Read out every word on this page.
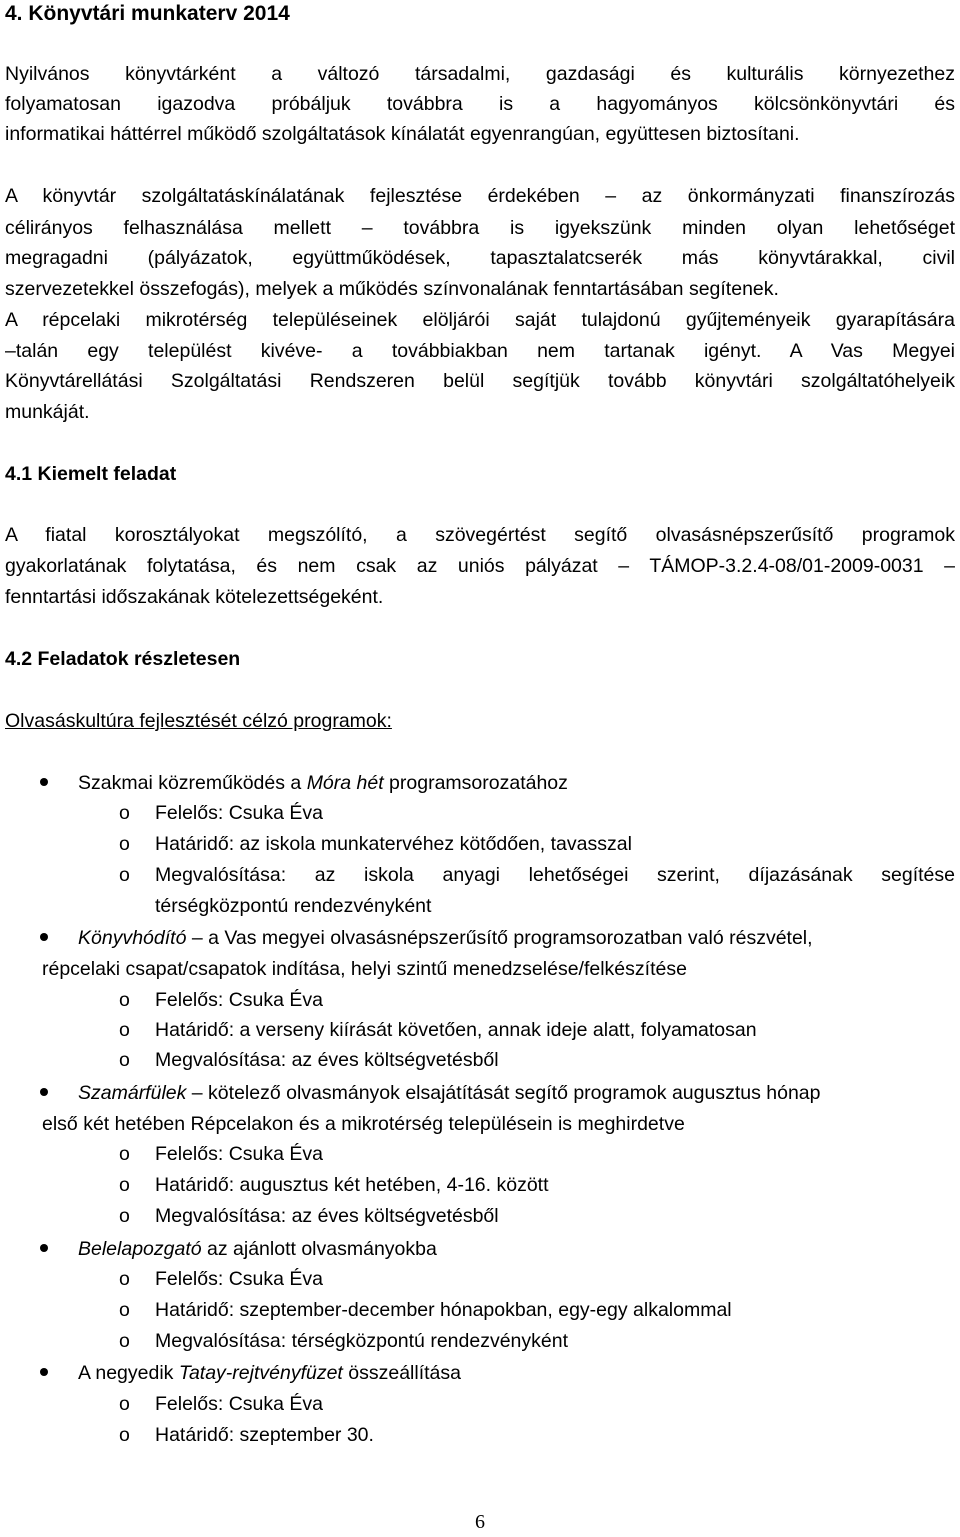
4. Könyvtári munkaterv 2014
Nyilvános könyvtárként a változó társadalmi, gazdasági és kulturális környezethez
folyamatosan igazodva próbáljuk továbbra is a hagyományos kölcsönkönyvtári és
informatikai háttérrel működő szolgáltatások kínálatát egyenrangúan, együttesen biztosítani.
A könyvtár szolgáltatáskínálatának fejlesztése érdekében – az önkormányzati finanszírozás
célirányos felhasználása mellett – továbbra is igyekszünk minden olyan lehetőséget
megragadni (pályázatok, együttműködések, tapasztalatcserék más könyvtárakkal, civil
szervezetekkel összefogás), melyek a működés színvonalának fenntartásában segítenek.
A répcelaki mikrotérség településeinek elöljárói saját tulajdonú gyűjteményeik gyarapítására
–talán egy települést kivéve- a továbbiakban nem tartanak igényt. A Vas Megyei
Könyvtárellátási Szolgáltatási Rendszeren belül segítjük tovább könyvtári szolgáltatóhelyeik
munkáját.
4.1 Kiemelt feladat
A fiatal korosztályokat megszólító, a szövegértést segítő olvasásnépszerűsítő programok
gyakorlatának folytatása, és nem csak az uniós pályázat – TÁMOP-3.2.4-08/01-2009-0031 –
fenntartási időszakának kötelezettségeként.
4.2 Feladatok részletesen
Olvasáskultúra fejlesztését célzó programok:
Szakmai közreműködés a Móra hét programsorozatához
o Felelős: Csuka Éva
o Határidő: az iskola munkatervéhez kötődően, tavasszal
o Megvalósítása: az iskola anyagi lehetőségei szerint, díjazásának segítése
térségközpontú rendezvényként
Könyvhódító – a Vas megyei olvasásnépszerűsítő programsorozatban való részvétel,
répcelaki csapat/csapatok indítása, helyi szintű menedzselése/felkészítése
o Felelős: Csuka Éva
o Határidő: a verseny kiírását követően, annak ideje alatt, folyamatosan
o Megvalósítása: az éves költségvetésből
Szamárfülek – kötelező olvasmányok elsajátítását segítő programok augusztus hónap
első két hetében Répcelakon és a mikrotérség településein is meghirdetve
o Felelős: Csuka Éva
o Határidő: augusztus két hetében, 4-16. között
o Megvalósítása: az éves költségvetésből
Belelapozgató az ajánlott olvasmányokba
o Felelős: Csuka Éva
o Határidő: szeptember-december hónapokban, egy-egy alkalommal
o Megvalósítása: térségközpontú rendezvényként
A negyedik Tatay-rejtvényfüzet összeállítása
o Felelős: Csuka Éva
o Határidő: szeptember 30.
6
